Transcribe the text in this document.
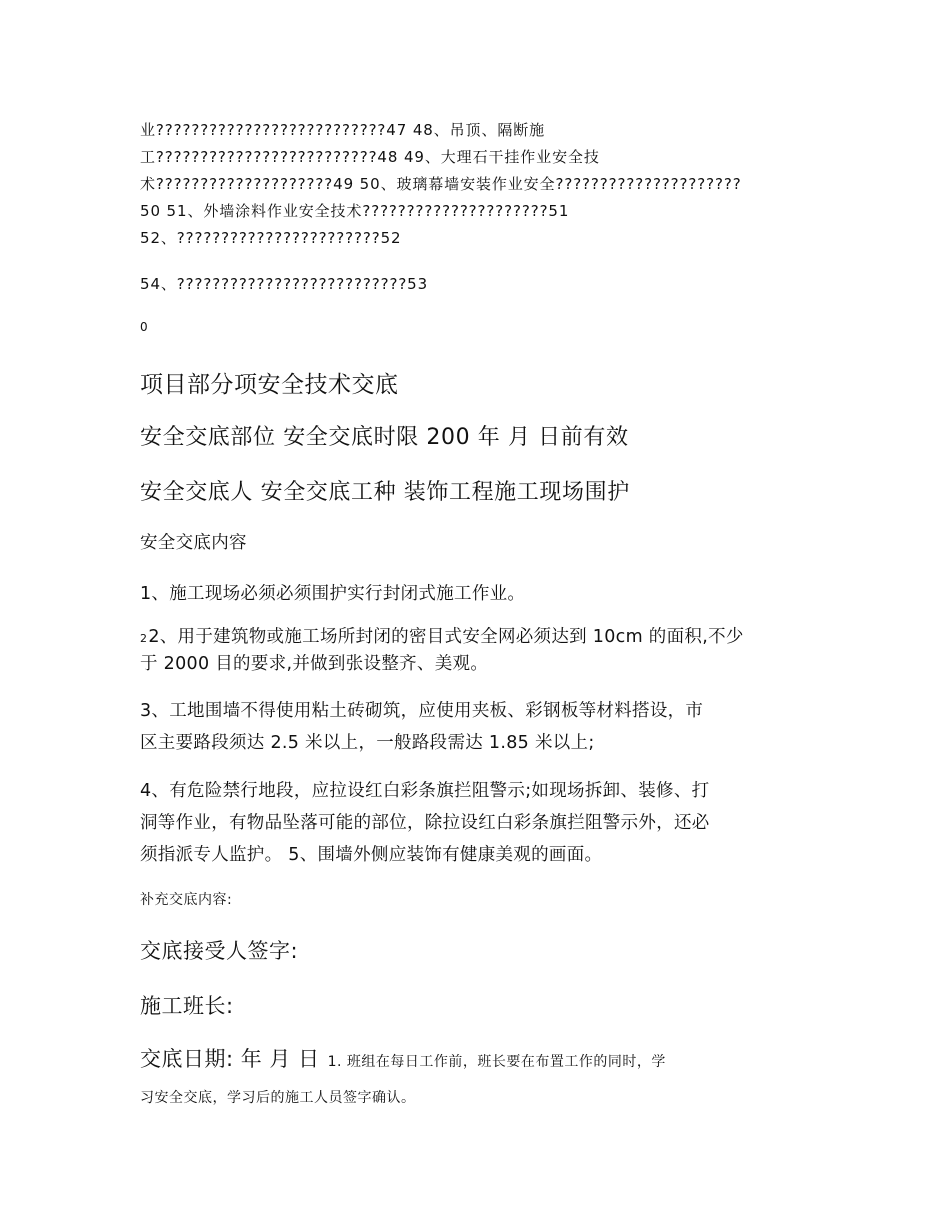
业??????????????????????????47 48、吊顶、隔断施
工?????????????????????????48 49、大理石干挂作业安全技
术????????????????????49 50、玻璃幕墙安装作业安全?????????????????????
50 51、外墙涂料作业安全技术?????????????????????51
52、???????????????????????52
54、??????????????????????????53
0
项目部分项安全技术交底
安全交底部位 安全交底时限 200 年 月 日前有效
安全交底人 安全交底工种 装饰工程施工现场围护
安全交底内容
1、施工现场必须必须围护实行封闭式施工作业。
22、用于建筑物或施工场所封闭的密目式安全网必须达到 10cm 的面积,不少
于 2000 目的要求,并做到张设整齐、美观。
3、工地围墙不得使用粘土砖砌筑，应使用夹板、彩钢板等材料搭设，市
区主要路段须达 2.5 米以上，一般路段需达 1.85 米以上;
4、有危险禁行地段，应拉设红白彩条旗拦阻警示;如现场拆卸、装修、打
洞等作业，有物品坠落可能的部位，除拉设红白彩条旗拦阻警示外，还必
须指派专人监护。 5、围墙外侧应装饰有健康美观的画面。
补充交底内容:
交底接受人签字:
施工班长:
交底日期: 年 月 日 1. 班组在每日工作前，班长要在布置工作的同时，学
习安全交底，学习后的施工人员签字确认。
